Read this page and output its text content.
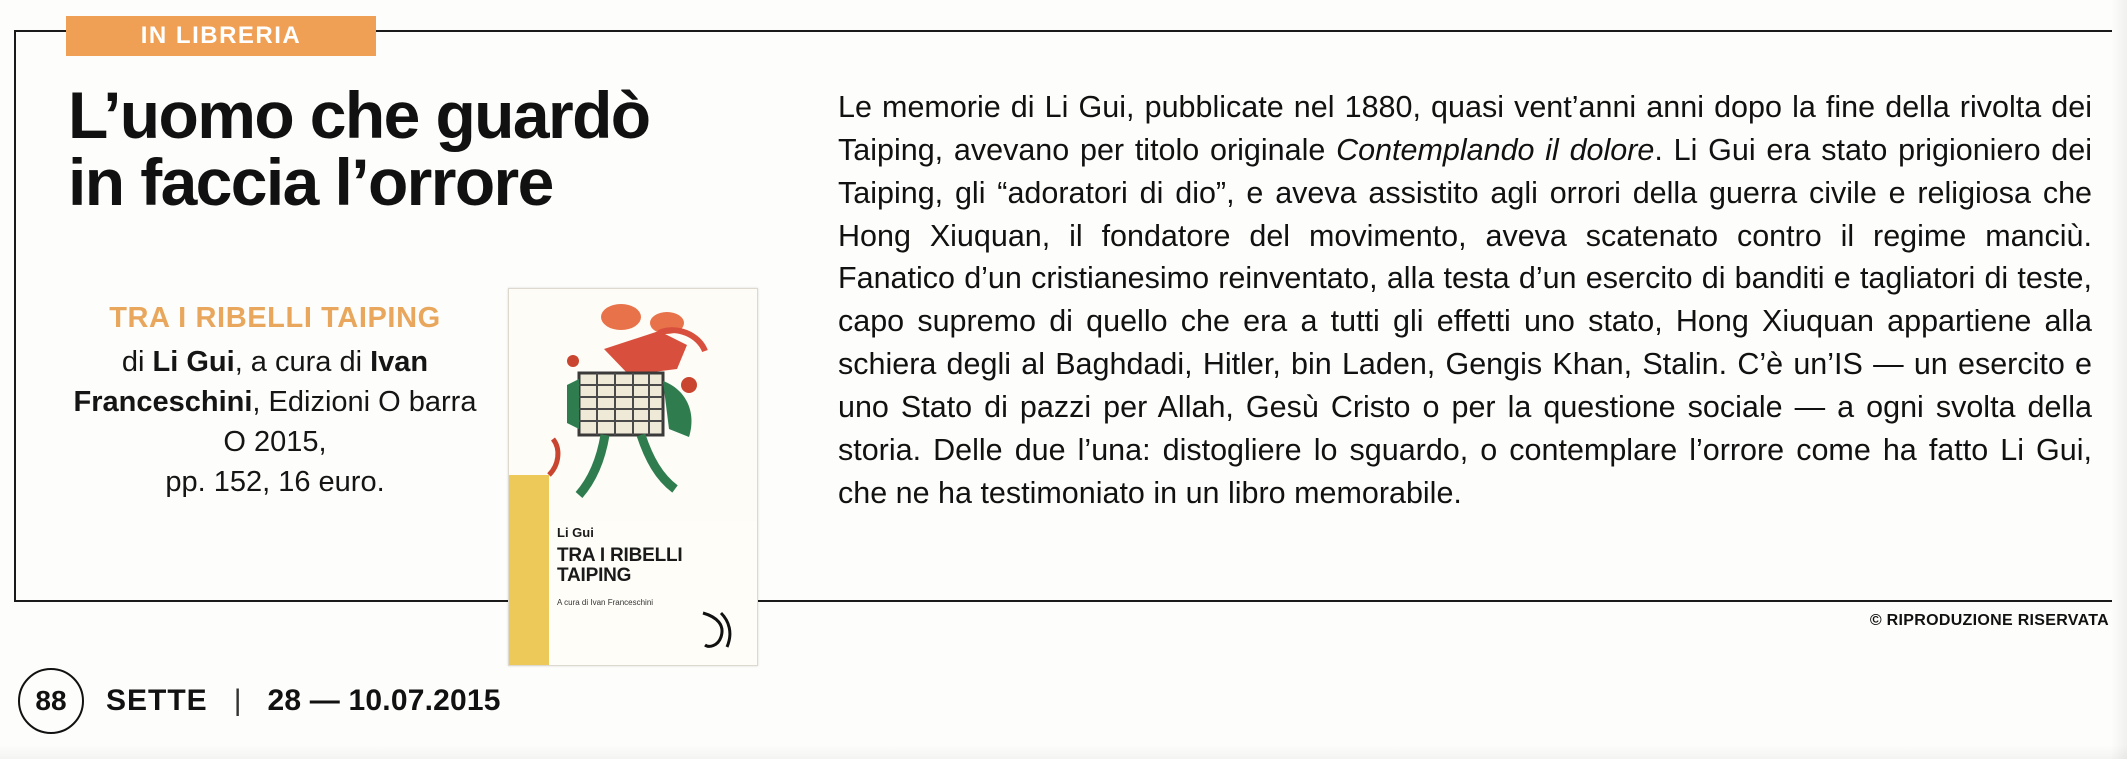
IN LIBRERIA
L’uomo che guardò
in faccia l’orrore
TRA I RIBELLI TAIPING
di Li Gui, a cura di Ivan Franceschini, Edizioni O barra O 2015,
pp. 152, 16 euro.
Li Gui
TRA I RIBELLI
TAIPING
A cura di Ivan Franceschini
Le memorie di Li Gui, pubblicate nel 1880, quasi vent’anni anni dopo la fine della rivolta dei Taiping, avevano per titolo originale Contemplando il dolore. Li Gui era stato prigioniero dei Taiping, gli “adoratori di dio”, e aveva assistito agli orrori della guerra civile e religiosa che Hong Xiuquan, il fondatore del movimento, aveva scatenato contro il regime manciù. Fanatico d’un cristianesimo reinventato, alla testa d’un esercito di banditi e tagliatori di teste, capo supremo di quello che era a tutti gli effetti uno stato, Hong Xiuquan appartiene alla schiera degli al Baghdadi, Hitler, bin Laden, Gengis Khan, Stalin. C’è un’IS — un esercito e uno Stato di pazzi per Allah, Gesù Cristo o per la questione sociale — a ogni svolta della storia. Delle due l’una: distogliere lo sguardo, o contemplare l’orrore come ha fatto Li Gui, che ne ha testimoniato in un libro memorabile.
© RIPRODUZIONE RISERVATA
88	SETTE | 28 — 10.07.2015
